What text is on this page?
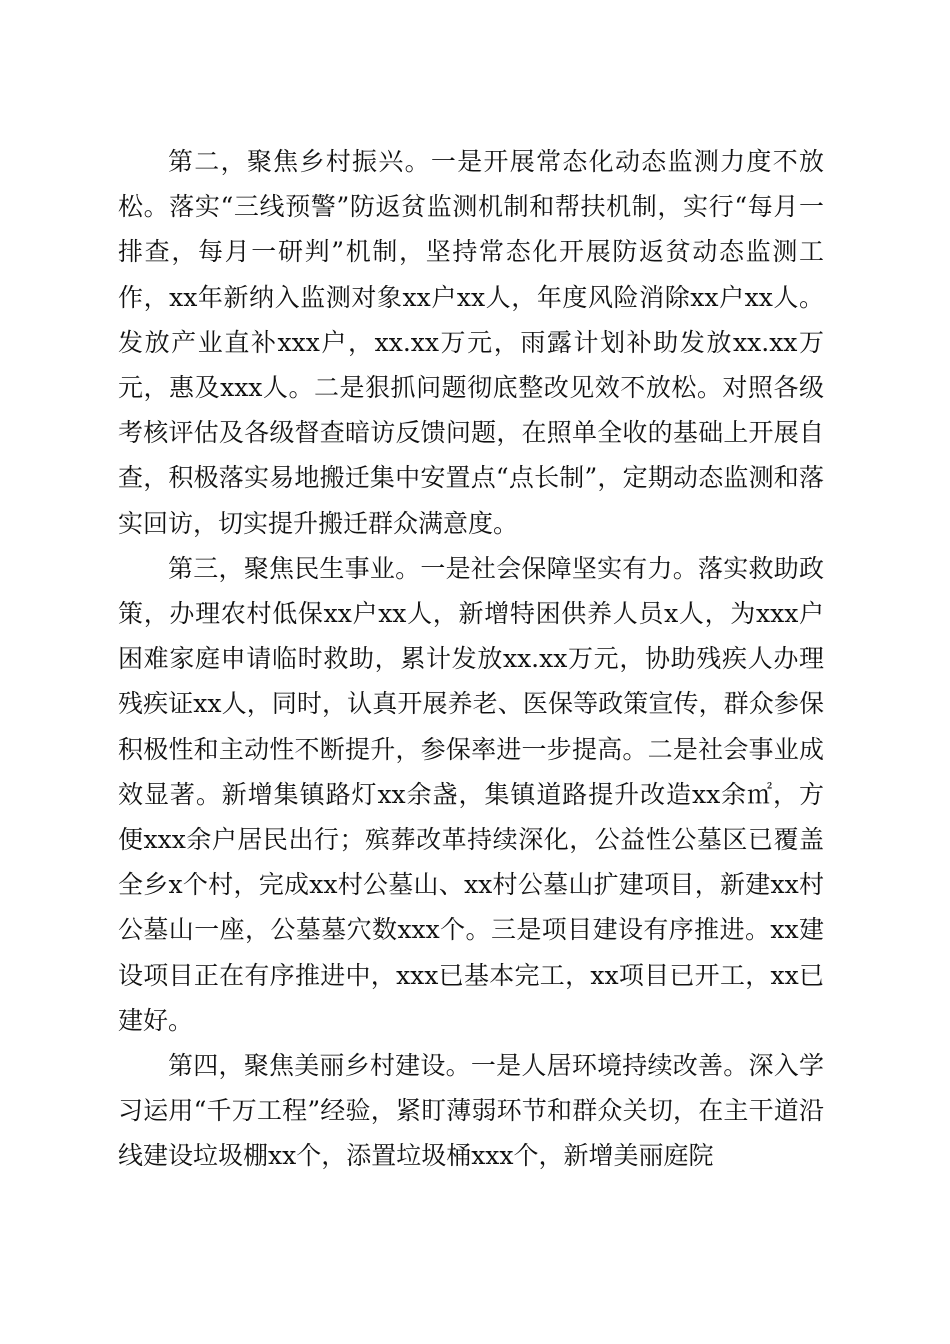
第二，聚焦乡村振兴。一是开展常态化动态监测力度不放松。落实“三线预警”防返贫监测机制和帮扶机制，实行“每月一排查，每月一研判”机制，坚持常态化开展防返贫动态监测工作，xx年新纳入监测对象xx户xx人，年度风险消除xx户xx人。发放产业直补xxx户，xx.xx万元，雨露计划补助发放xx.xx万元，惠及xxx人。二是狠抓问题彻底整改见效不放松。对照各级考核评估及各级督查暗访反馈问题，在照单全收的基础上开展自查，积极落实易地搬迁集中安置点“点长制”，定期动态监测和落实回访，切实提升搬迁群众满意度。

第三，聚焦民生事业。一是社会保障坚实有力。落实救助政策，办理农村低保xx户xx人，新增特困供养人员x人，为xxx户困难家庭申请临时救助，累计发放xx.xx万元，协助残疾人办理残疾证xx人，同时，认真开展养老、医保等政策宣传，群众参保积极性和主动性不断提升，参保率进一步提高。二是社会事业成效显著。新增集镇路灯xx余盏，集镇道路提升改造xx余㎡，方便xxx余户居民出行；殡葬改革持续深化，公益性公墓区已覆盖全乡x个村，完成xx村公墓山、xx村公墓山扩建项目，新建xx村公墓山一座，公墓墓穴数xxx个。三是项目建设有序推进。xx建设项目正在有序推进中，xxx已基本完工，xx项目已开工，xx已建好。

第四，聚焦美丽乡村建设。一是人居环境持续改善。深入学习运用“千万工程”经验，紧盯薄弱环节和群众关切，在主干道沿线建设垃圾棚xx个，添置垃圾桶xxx个，新增美丽庭院
